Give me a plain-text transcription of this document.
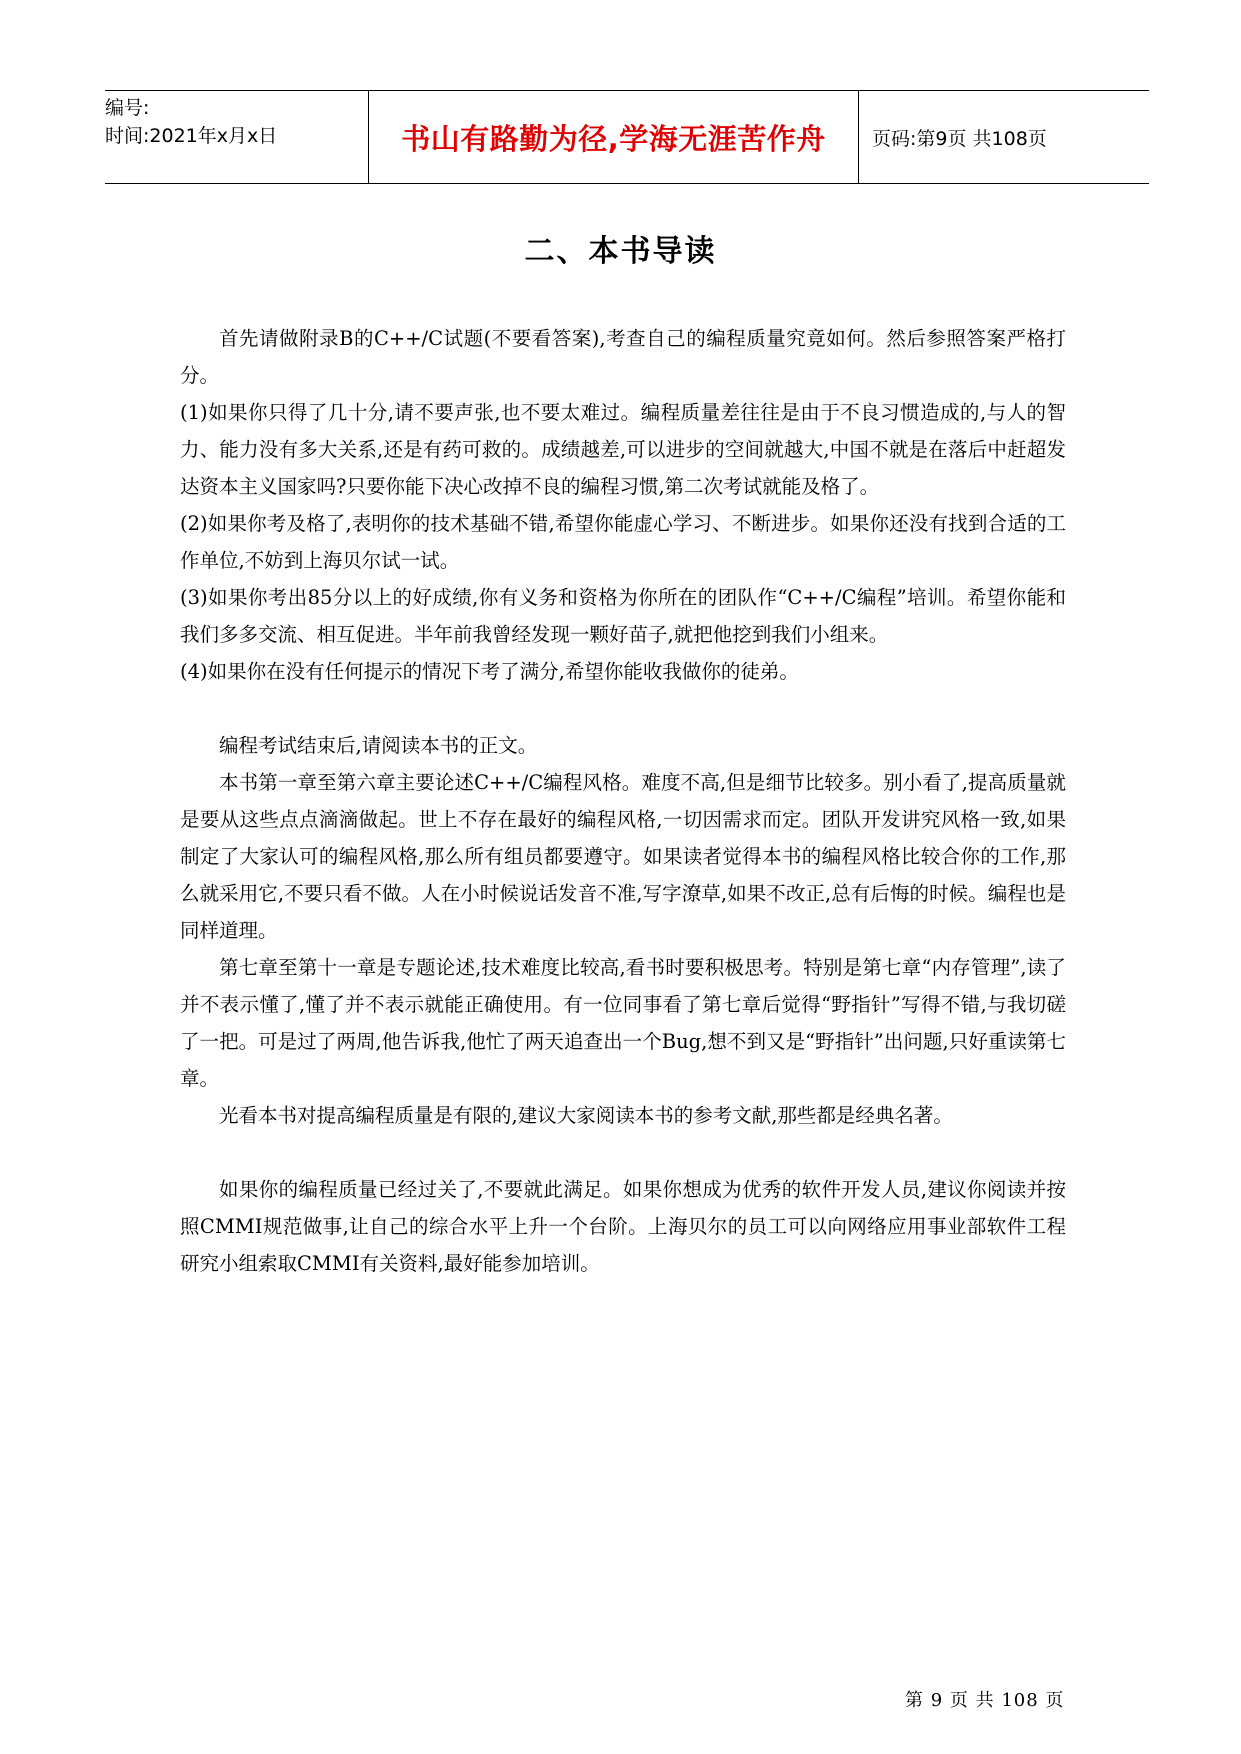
编号:
时间:2021年x月x日	书山有路勤为径,学海无涯苦作舟 页码:第9页 共108页
二、本书导读

首先请做附录B的C++/C试题(不要看答案),考查自己的编程质量究竟如何。然后参照答案严格打分。

(1)如果你只得了几十分,请不要声张,也不要太难过。编程质量差往往是由于不良习惯造成的,与人的智力、能力没有多大关系,还是有药可救的。成绩越差,可以进步的空间就越大,中国不就是在落后中赶超发达资本主义国家吗?只要你能下决心改掉不良的编程习惯,第二次考试就能及格了。

(2)如果你考及格了,表明你的技术基础不错,希望你能虚心学习、不断进步。如果你还没有找到合适的工作单位,不妨到上海贝尔试一试。

(3)如果你考出85分以上的好成绩,你有义务和资格为你所在的团队作“C++/C编程”培训。希望你能和我们多多交流、相互促进。半年前我曾经发现一颗好苗子,就把他挖到我们小组来。

(4)如果你在没有任何提示的情况下考了满分,希望你能收我做你的徒弟。

编程考试结束后,请阅读本书的正文。

本书第一章至第六章主要论述C++/C编程风格。难度不高,但是细节比较多。别小看了,提高质量就是要从这些点点滴滴做起。世上不存在最好的编程风格,一切因需求而定。团队开发讲究风格一致,如果制定了大家认可的编程风格,那么所有组员都要遵守。如果读者觉得本书的编程风格比较合你的工作,那么就采用它,不要只看不做。人在小时候说话发音不准,写字潦草,如果不改正,总有后悔的时候。编程也是同样道理。

第七章至第十一章是专题论述,技术难度比较高,看书时要积极思考。特别是第七章“内存管理”,读了并不表示懂了,懂了并不表示就能正确使用。有一位同事看了第七章后觉得“野指针”写得不错,与我切磋了一把。可是过了两周,他告诉我,他忙了两天追查出一个Bug,想不到又是“野指针”出问题,只好重读第七章。

光看本书对提高编程质量是有限的,建议大家阅读本书的参考文献,那些都是经典名著。

如果你的编程质量已经过关了,不要就此满足。如果你想成为优秀的软件开发人员,建议你阅读并按照CMMI规范做事,让自己的综合水平上升一个台阶。上海贝尔的员工可以向网络应用事业部软件工程研究小组索取CMMI有关资料,最好能参加培训。

第 9 页 共 108 页
